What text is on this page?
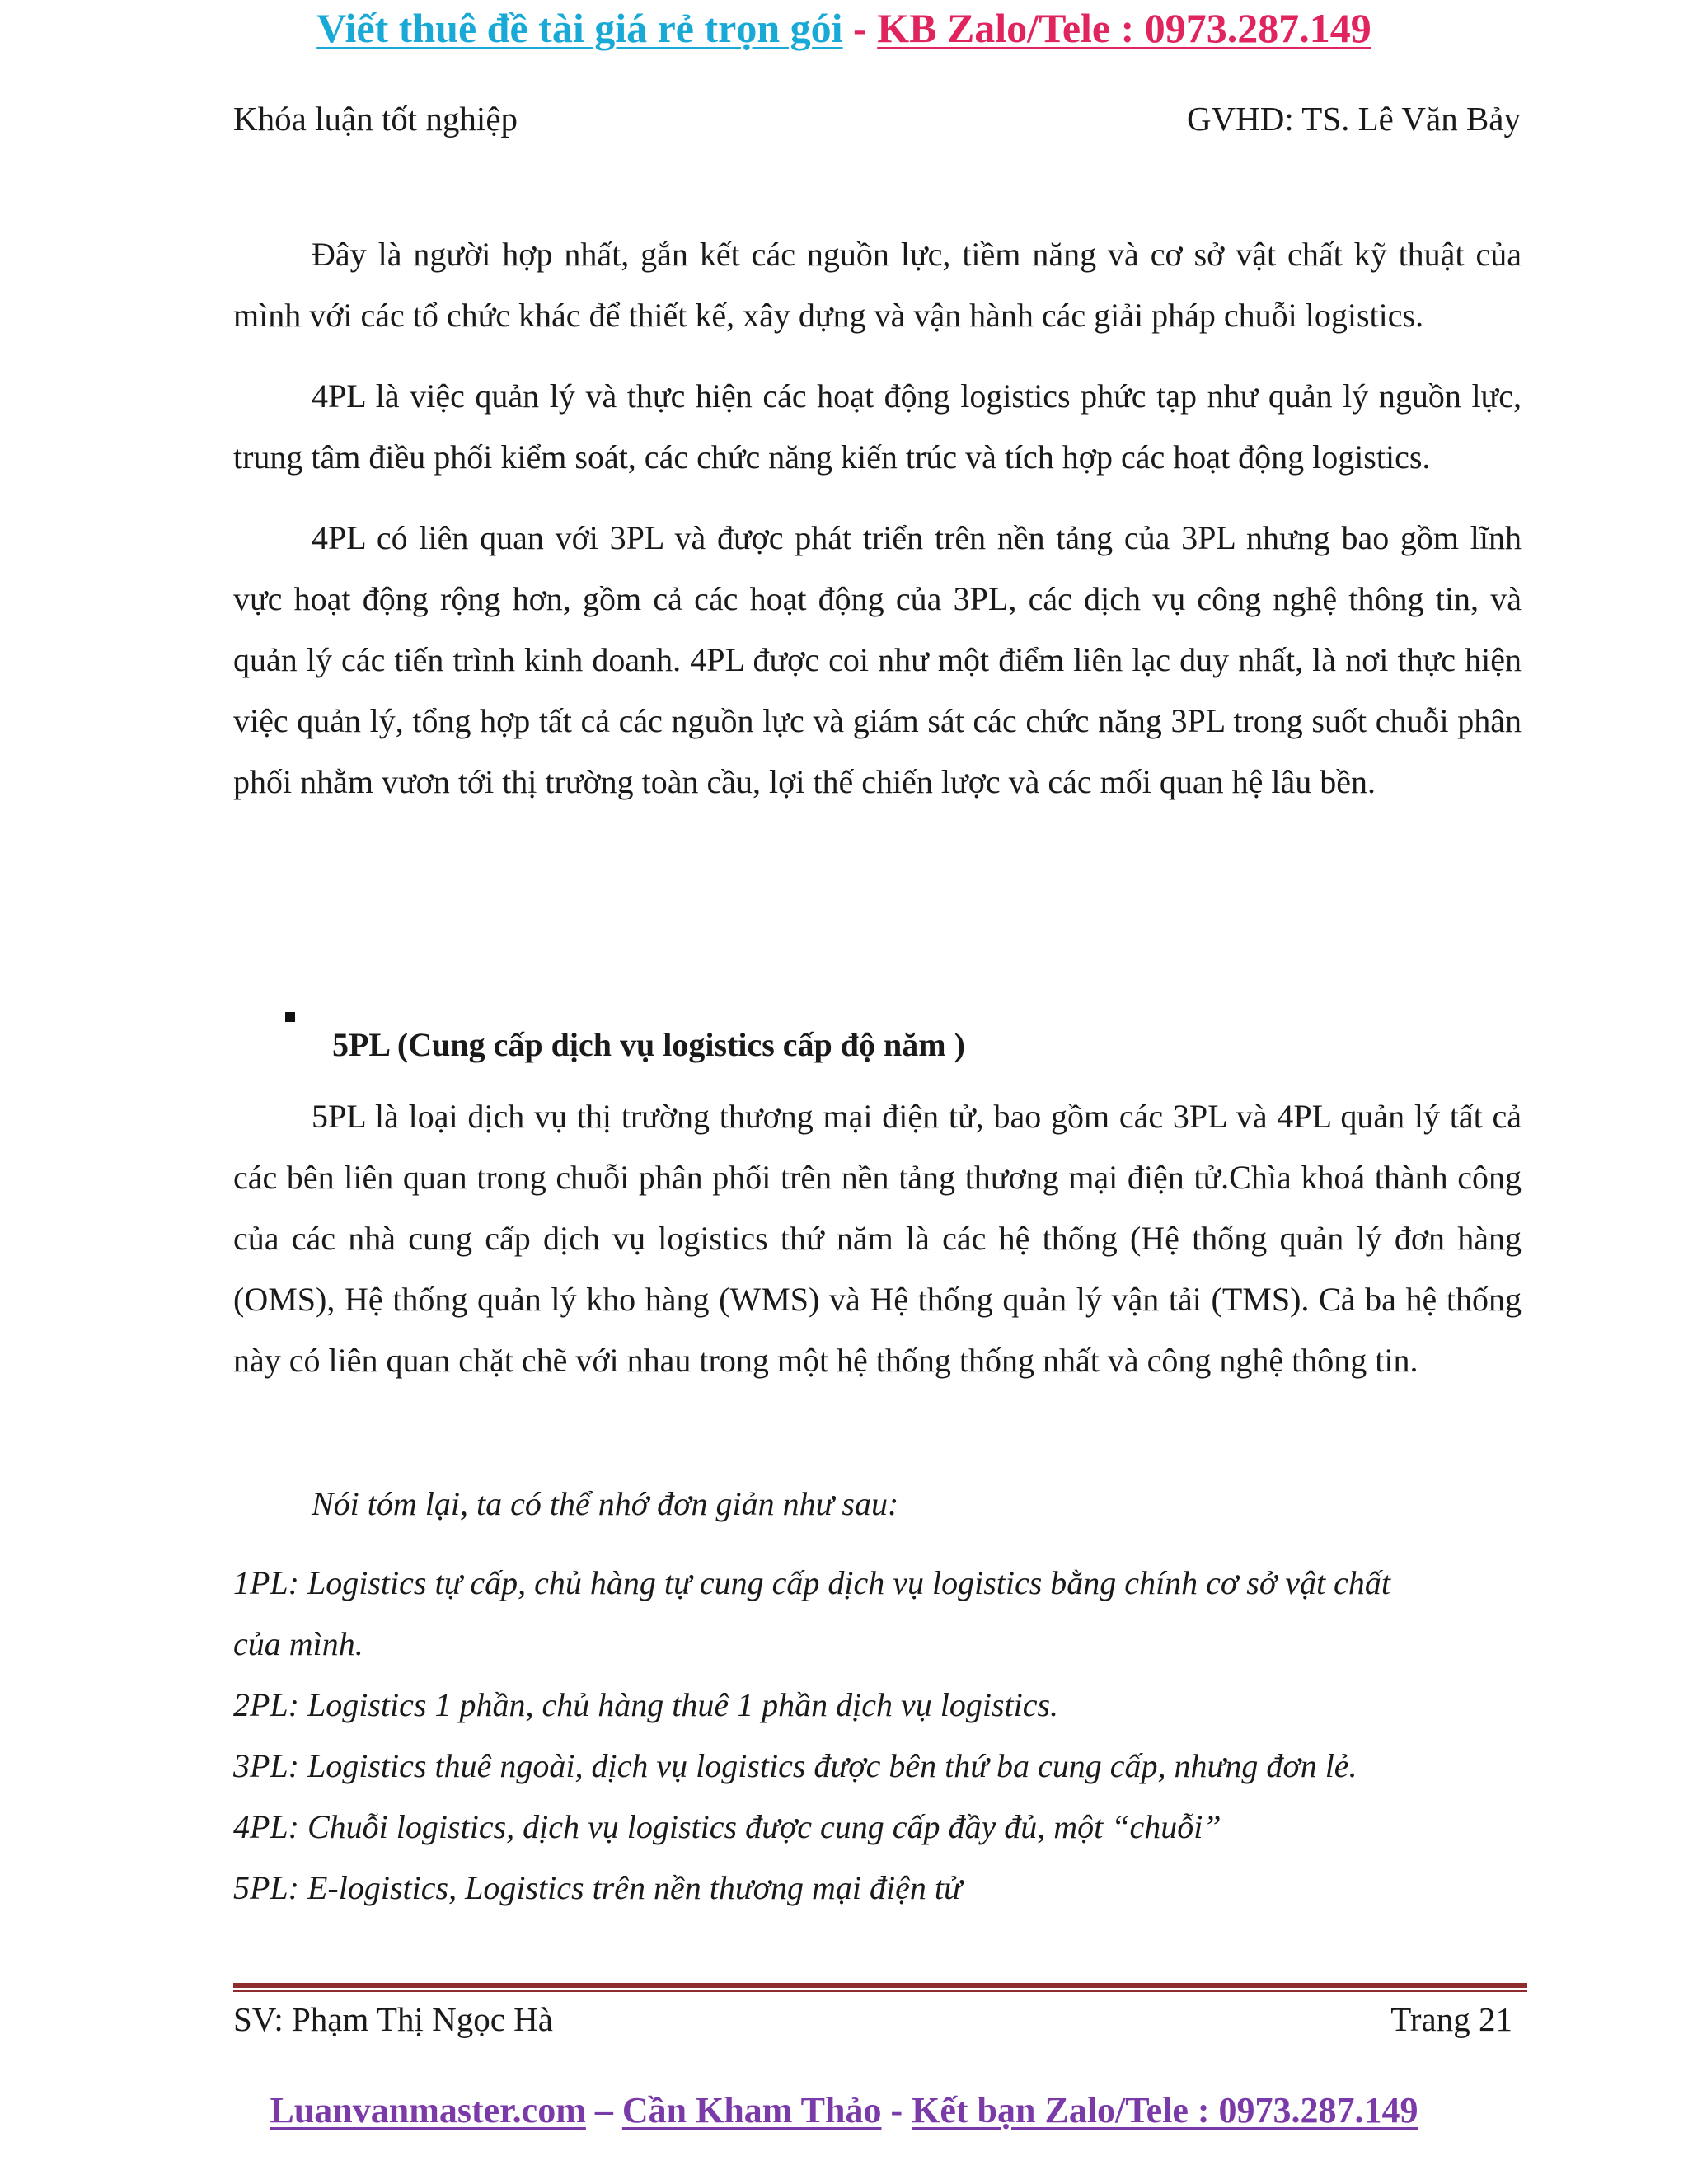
Viết thuê đề tài giá rẻ trọn gói - KB Zalo/Tele : 0973.287.149
Khóa luận tốt nghiệp	GVHD: TS. Lê Văn Bảy

Đây là người hợp nhất, gắn kết các nguồn lực, tiềm năng và cơ sở vật chất kỹ thuật của mình với các tổ chức khác để thiết kế, xây dựng và vận hành các giải pháp chuỗi logistics.

4PL là việc quản lý và thực hiện các hoạt động logistics phức tạp như quản lý nguồn lực, trung tâm điều phối kiểm soát, các chức năng kiến trúc và tích hợp các hoạt động logistics.

4PL có liên quan với 3PL và được phát triển trên nền tảng của 3PL nhưng bao gồm lĩnh vực hoạt động rộng hơn, gồm cả các hoạt động của 3PL, các dịch vụ công nghệ thông tin, và quản lý các tiến trình kinh doanh. 4PL được coi như một điểm liên lạc duy nhất, là nơi thực hiện việc quản lý, tổng hợp tất cả các nguồn lực và giám sát các chức năng 3PL trong suốt chuỗi phân phối nhằm vươn tới thị trường toàn cầu, lợi thế chiến lược và các mối quan hệ lâu bền.

5PL (Cung cấp dịch vụ logistics cấp độ năm )

5PL là loại dịch vụ thị trường thương mại điện tử, bao gồm các 3PL và 4PL quản lý tất cả các bên liên quan trong chuỗi phân phối trên nền tảng thương mại điện tử.Chìa khoá thành công của các nhà cung cấp dịch vụ logistics thứ năm là các hệ thống (Hệ thống quản lý đơn hàng (OMS), Hệ thống quản lý kho hàng (WMS) và Hệ thống quản lý vận tải (TMS). Cả ba hệ thống này có liên quan chặt chẽ với nhau trong một hệ thống thống nhất và công nghệ thông tin.

Nói tóm lại, ta có thể nhớ đơn giản như sau:
1PL: Logistics tự cấp, chủ hàng tự cung cấp dịch vụ logistics bằng chính cơ sở vật chất
của mình.
2PL: Logistics 1 phần, chủ hàng thuê 1 phần dịch vụ logistics.
3PL: Logistics thuê ngoài, dịch vụ logistics được bên thứ ba cung cấp, nhưng đơn lẻ.
4PL: Chuỗi logistics, dịch vụ logistics được cung cấp đầy đủ, một “chuỗi”
5PL: E-logistics, Logistics trên nền thương mại điện tử
SV: Phạm Thị Ngọc Hà	Trang 21
Luanvanmaster.com – Cần Kham Thảo - Kết bạn Zalo/Tele : 0973.287.149
